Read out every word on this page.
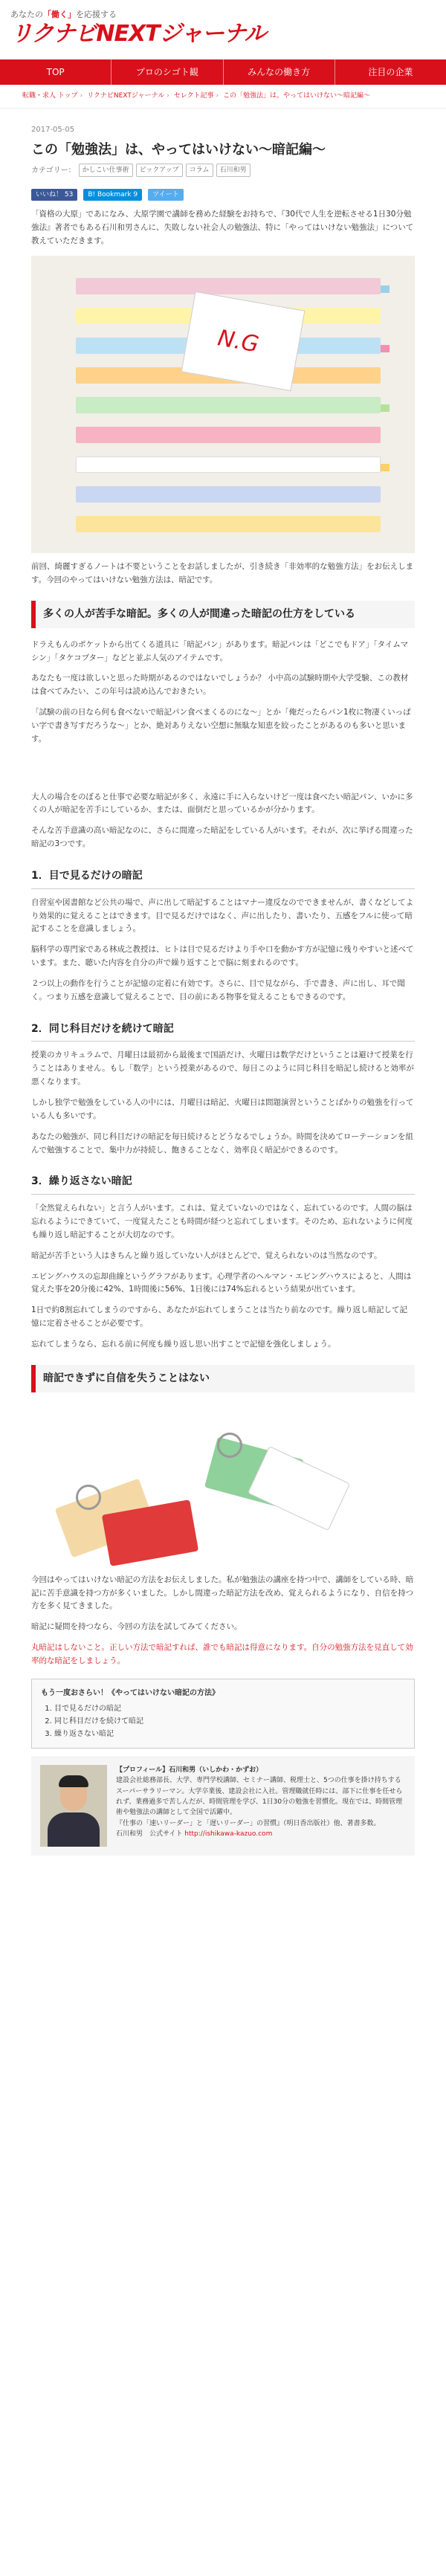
あなたの「働く」を応援する
リクナビNEXTジャーナル
TOP	プロのシゴト観	みんなの働き方	注目の企業
転職・求人 トップ › リクナビNEXTジャーナル › セレクト記事 › この「勉強法」は、やってはいけない〜暗記編〜
2017-05-05
この「勉強法」は、やってはいけない〜暗記編〜
カテゴリー：	かしこい仕事術	ピックアップ	コラム	石川和男
いいね！ 53	B! Bookmark 9	ツイート

「資格の大原」であになみ、大原学園で講師を務めた経験をお持ちで、『30代で人生を逆転させる1日30分勉強法』著者でもある石川和男さんに、失敗しない社会人の勉強法、特に「やってはいけない勉強法」について教えていただきます。

N.G

前回、綺麗すぎるノートは不要ということをお話しましたが、引き続き「非効率的な勉強方法」をお伝えします。今回のやってはいけない勉強方法は、暗記です。

多くの人が苦手な暗記。多くの人が間違った暗記の仕方をしている

ドラえもんのポケットから出てくる道具に「暗記パン」があります。暗記パンは「どこでもドア」「タイムマシン」「タケコプター」などと並ぶ人気のアイテムです。

あなたも一度は欲しいと思った時期があるのではないでしょうか？ 小中高の試験時期や大学受験、この教材は食べてみたい、この年号は読め込んでおきたい。

「試験の前の日なら何も食べないで暗記パン食べまくるのにな～」とか「俺だったらパン1枚に物凄くいっぱい字で書き写すだろうな～」とか、絶対ありえない空想に無駄な知恵を絞ったことがあるのも多いと思います。

大人の場合をのぼると仕事で必要な暗記が多く、永遠に手に入らないけど一度は食べたい暗記パン、いかに多くの人が暗記を苦手にしているか、または、面倒だと思っているかが分かります。

そんな苦手意識の高い暗記なのに、さらに間違った暗記をしている人がいます。それが、次に挙げる間違った暗記の3つです。

1．目で見るだけの暗記

自習室や図書館など公共の場で、声に出して暗記することはマナー違反なのでできませんが、書くなどしてより効果的に覚えることはできます。目で見るだけではなく、声に出したり、書いたり、五感をフルに使って暗記することを意識しましょう。

脳科学の専門家である林成之教授は、ヒトは目で見るだけより手や口を動かす方が記憶に残りやすいと述べています。また、聴いた内容を自分の声で繰り返すことで脳に刻まれるのです。

２つ以上の動作を行うことが記憶の定着に有効です。さらに、目で見ながら、手で書き、声に出し、耳で聞く。つまり五感を意識して覚えることで、目の前にある物事を覚えることもできるのです。

2．同じ科目だけを続けて暗記

授業のカリキュラムで、月曜日は最初から最後まで国語だけ、火曜日は数学だけということは避けて授業を行うことはありません。もし「数学」という授業があるので、毎日このように同じ科目を暗記し続けると効率が悪くなります。

しかし独学で勉強をしている人の中には、月曜日は暗記、火曜日は問題演習ということばかりの勉強を行っている人も多いです。

あなたの勉強が、同じ科目だけの暗記を毎日続けるとどうなるでしょうか。時間を決めてローテーションを組んで勉強することで、集中力が持続し、飽きることなく、効率良く暗記ができるのです。

3．繰り返さない暗記

「全然覚えられない」と言う人がいます。これは、覚えていないのではなく、忘れているのです。人間の脳は忘れるようにできていて、一度覚えたことも時間が経つと忘れてしまいます。そのため、忘れないように何度も繰り返し暗記することが大切なのです。

暗記が苦手という人はきちんと繰り返していない人がほとんどで、覚えられないのは当然なのです。

エビングハウスの忘却曲線というグラフがあります。心理学者のヘルマン・エビングハウスによると、人間は覚えた事を20分後に42%、1時間後に56%、1日後には74%忘れるという結果が出ています。

1日で約8割忘れてしまうのですから、あなたが忘れてしまうことは当たり前なのです。繰り返し暗記して記憶に定着させることが必要です。

忘れてしまうなら、忘れる前に何度も繰り返し思い出すことで記憶を強化しましょう。

暗記できずに自信を失うことはない

今回はやってはいけない暗記の方法をお伝えしました。私が勉強法の講座を持つ中で、講師をしている時、暗記に苦手意識を持つ方が多くいました。しかし間違った暗記方法を改め、覚えられるようになり、自信を持つ方を多く見てきました。

暗記に疑問を持つなら、今回の方法を試してみてください。

丸暗記はしないこと。正しい方法で暗記すれば、誰でも暗記は得意になります。自分の勉強方法を見直して効率的な暗記をしましょう。

もう一度おさらい！《やってはいけない暗記の方法》
1. 目で見るだけの暗記
2. 同じ科目だけを続けて暗記
3. 繰り返さない暗記
【プロフィール】石川和男（いしかわ・かずお）
建設会社総務部長、大学、専門学校講師、セミナー講師、税理士と、5つの仕事を掛け持ちするスーパーサラリーマン。大学卒業後、建設会社に入社。管理職就任時には、部下に仕事を任せられず、業務過多で苦しんだが、時間管理を学び、1日30分の勉強を習慣化。現在では、時間管理術や勉強法の講師として全国で活躍中。
『仕事の「速いリーダー」と「遅いリーダー」の習慣』（明日香出版社）他、著書多数。
石川和男　公式サイト http://ishikawa-kazuo.com
